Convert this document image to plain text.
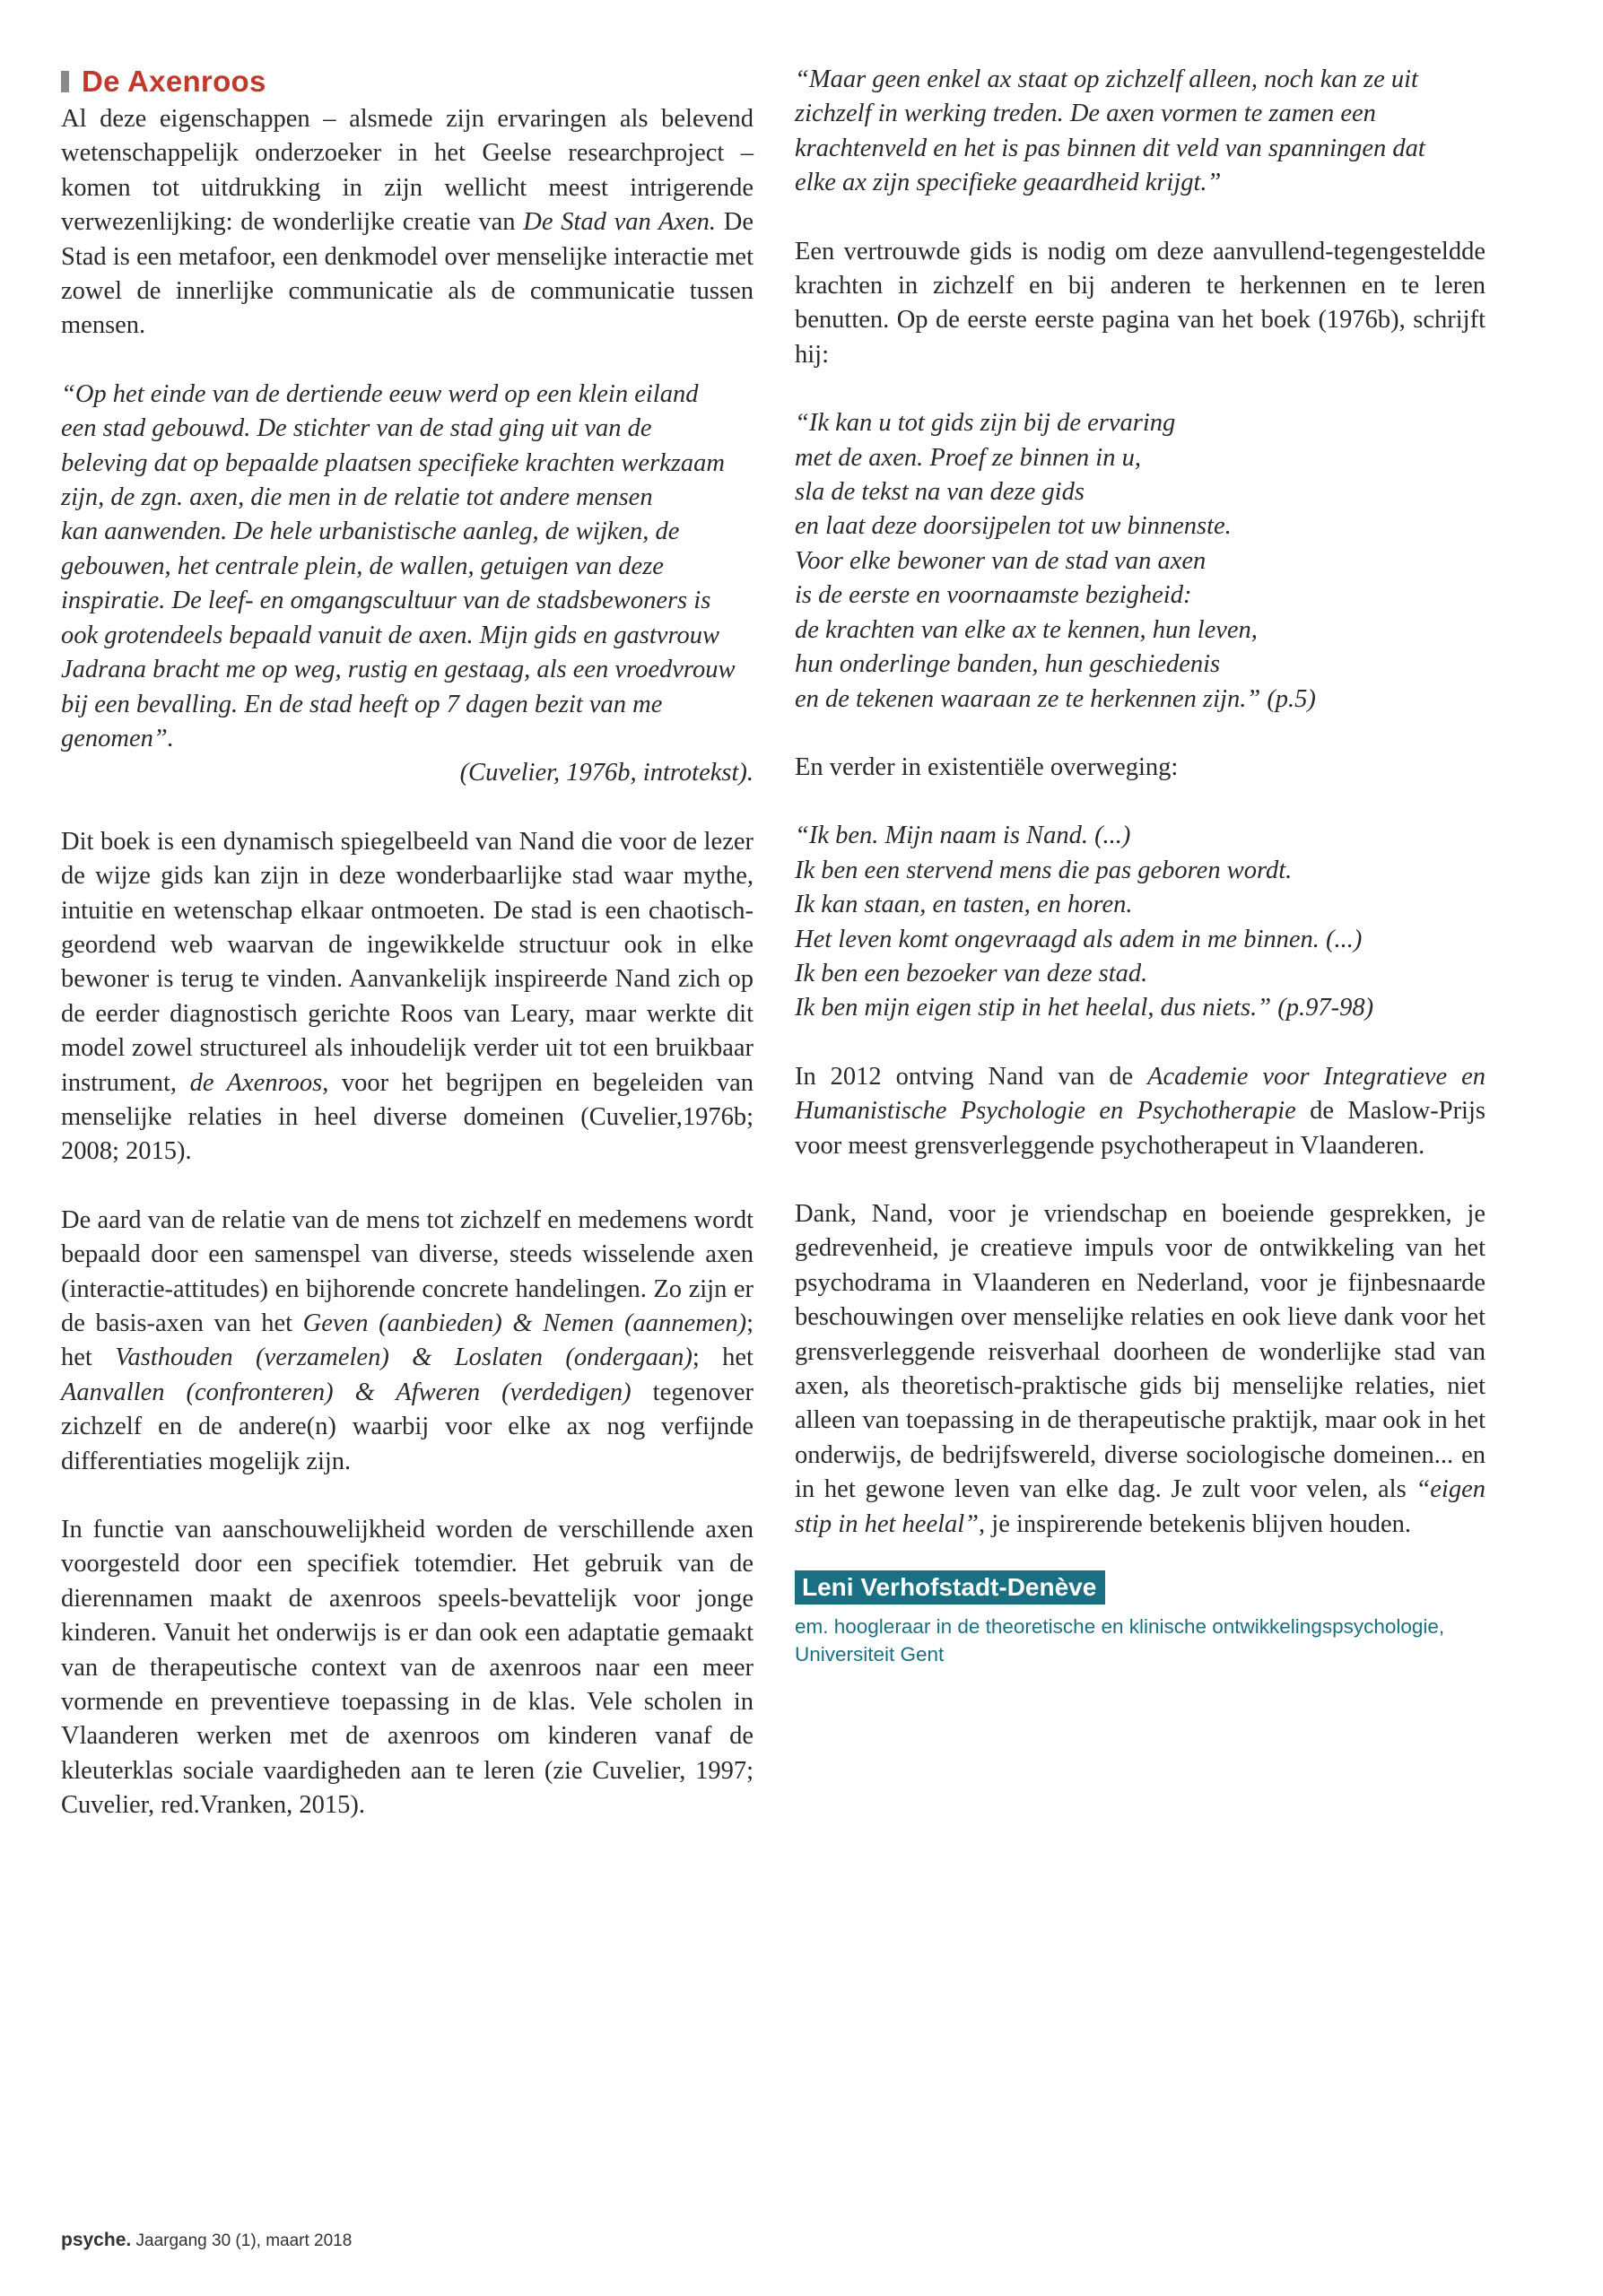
De Axenroos

Al deze eigenschappen – alsmede zijn ervaringen als belevend wetenschappelijk onderzoeker in het Geelse researchproject – komen tot uitdrukking in zijn wellicht meest intrigerende verwezenlijking: de wonderlijke creatie van De Stad van Axen. De Stad is een metafoor, een denkmodel over menselijke interactie met zowel de innerlijke communicatie als de communicatie tussen mensen.

“Op het einde van de dertiende eeuw werd op een klein eiland
een stad gebouwd. De stichter van de stad ging uit van de
beleving dat op bepaalde plaatsen specifieke krachten werkzaam
zijn, de zgn. axen, die men in de relatie tot andere mensen
kan aanwenden. De hele urbanistische aanleg, de wijken, de
gebouwen, het centrale plein, de wallen, getuigen van deze
inspiratie. De leef- en omgangscultuur van de stadsbewoners is
ook grotendeels bepaald vanuit de axen. Mijn gids en gastvrouw
Jadrana bracht me op weg, rustig en gestaag, als een vroedvrouw
bij een bevalling. En de stad heeft op 7 dagen bezit van me
genomen”.
(Cuvelier, 1976b, introtekst).

Dit boek is een dynamisch spiegelbeeld van Nand die voor de lezer de wijze gids kan zijn in deze wonderbaarlijke stad waar mythe, intuitie en wetenschap elkaar ontmoeten. De stad is een chaotisch-geordend web waarvan de ingewikkelde structuur ook in elke bewoner is terug te vinden. Aanvankelijk inspireerde Nand zich op de eerder diagnostisch gerichte Roos van Leary, maar werkte dit model zowel structureel als inhoudelijk verder uit tot een bruikbaar instrument, de Axenroos, voor het begrijpen en begeleiden van menselijke relaties in heel diverse domeinen (Cuvelier,1976b; 2008; 2015).

De aard van de relatie van de mens tot zichzelf en medemens wordt bepaald door een samenspel van diverse, steeds wisselende axen (interactie-attitudes) en bijhorende concrete handelingen. Zo zijn er de basis-axen van het Geven (aanbieden) & Nemen (aannemen); het Vasthouden (verzamelen) & Loslaten (ondergaan); het Aanvallen (confronteren) & Afweren (verdedigen) tegenover zichzelf en de andere(n) waarbij voor elke ax nog verfijnde differentiaties mogelijk zijn.

In functie van aanschouwelijkheid worden de verschillende axen voorgesteld door een specifiek totemdier. Het gebruik van de dierennamen maakt de axenroos speels-bevattelijk voor jonge kinderen. Vanuit het onderwijs is er dan ook een adaptatie gemaakt van de therapeutische context van de axenroos naar een meer vormende en preventieve toepassing in de klas. Vele scholen in Vlaanderen werken met de axenroos om kinderen vanaf de kleuterklas sociale vaardigheden aan te leren (zie Cuvelier, 1997; Cuvelier, red.Vranken, 2015).

“Maar geen enkel ax staat op zichzelf alleen, noch kan ze uit
zichzelf in werking treden. De axen vormen te zamen een
krachtenveld en het is pas binnen dit veld van spanningen dat
elke ax zijn specifieke geaardheid krijgt.”

Een vertrouwde gids is nodig om deze aanvullend-tegengesteldde krachten in zichzelf en bij anderen te herkennen en te leren benutten. Op de eerste eerste pagina van het boek (1976b), schrijft hij:

“Ik kan u tot gids zijn bij de ervaring
met de axen. Proef ze binnen in u,
sla de tekst na van deze gids
en laat deze doorsijpelen tot uw binnenste.
Voor elke bewoner van de stad van axen
is de eerste en voornaamste bezigheid:
de krachten van elke ax te kennen, hun leven,
hun onderlinge banden, hun geschiedenis
en de tekenen waaraan ze te herkennen zijn.” (p.5)

En verder in existentiële overweging:

“Ik ben. Mijn naam is Nand. (...)
Ik ben een stervend mens die pas geboren wordt.
Ik kan staan, en tasten, en horen.
Het leven komt ongevraagd als adem in me binnen. (...)
Ik ben een bezoeker van deze stad.
Ik ben mijn eigen stip in het heelal, dus niets.” (p.97-98)

In 2012 ontving Nand van de Academie voor Integratieve en Humanistische Psychologie en Psychotherapie de Maslow-Prijs voor meest grensverleggende psychotherapeut in Vlaanderen.

Dank, Nand, voor je vriendschap en boeiende gesprekken, je gedrevenheid, je creatieve impuls voor de ontwikkeling van het psychodrama in Vlaanderen en Nederland, voor je fijnbesnaarde beschouwingen over menselijke relaties en ook lieve dank voor het grensverleggende reisverhaal doorheen de wonderlijke stad van axen, als theoretisch-praktische gids bij menselijke relaties, niet alleen van toepassing in de therapeutische praktijk, maar ook in het onderwijs, de bedrijfswereld, diverse sociologische domeinen... en in het gewone leven van elke dag. Je zult voor velen, als “eigen stip in het heelal”, je inspirerende betekenis blijven houden.

Leni Verhofstadt-Denève
em. hoogleraar in de theoretische en klinische ontwikkelingspsychologie,
Universiteit Gent
psyche. Jaargang 30 (1), maart 2018
